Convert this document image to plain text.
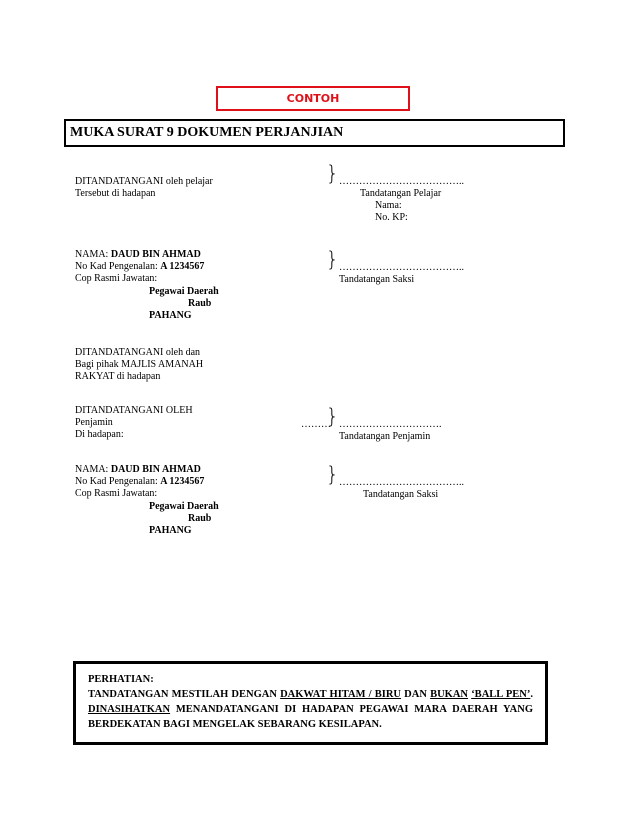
CONTOH
MUKA SURAT 9 DOKUMEN PERJANJIAN
DITANDATANGANI oleh pelajar
Tersebut di hadapan
} ………………………………..
Tandatangan Pelajar
Nama:
No. KP:
NAMA: DAUD BIN AHMAD
No Kad Pengenalan: A 1234567
Cop Rasmi Jawatan:
Pegawai Daerah
Raub
PAHANG
} ………………………………..
Tandatangan Saksi
DITANDATANGANI oleh dan
Bagi pihak MAJLIS AMANAH
RAKYAT di hadapan
DITANDATANGANI OLEH
Penjamin
Di hadapan:
………
} ………………………….
Tandatangan Penjamin
NAMA: DAUD BIN AHMAD
No Kad Pengenalan: A 1234567
Cop Rasmi Jawatan:
Pegawai Daerah
Raub
PAHANG
} ………………………………..
Tandatangan Saksi
PERHATIAN:
TANDATANGAN MESTILAH DENGAN DAKWAT HITAM / BIRU DAN BUKAN ‘BALL PEN’. DINASIHATKAN MENANDATANGANI DI HADAPAN PEGAWAI MARA DAERAH YANG BERDEKATAN BAGI MENGELAK SEBARANG KESILAPAN.
